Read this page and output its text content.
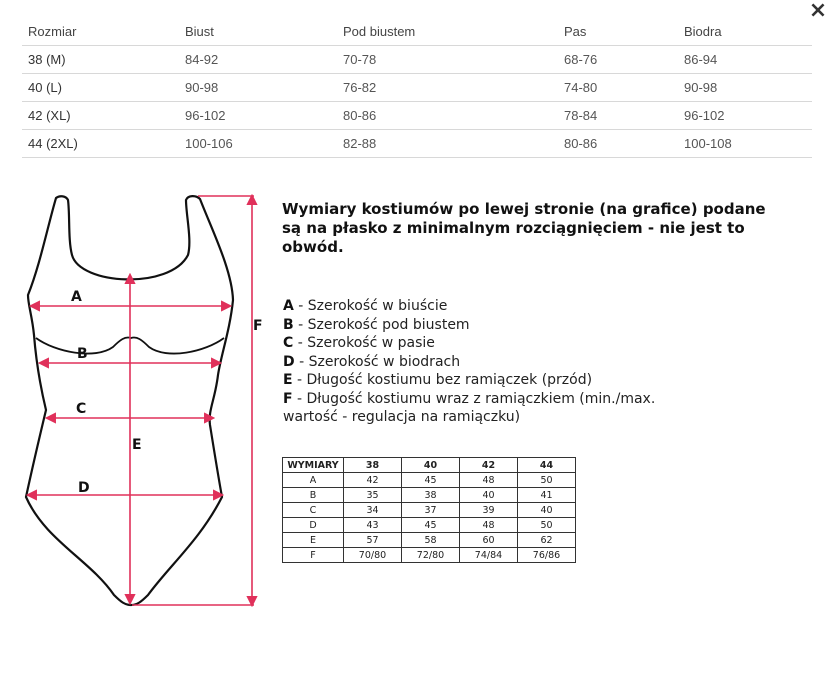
×
Rozmiar	Biust	Pod biustem	Pas	Biodra
38 (M)	84-92	70-78	68-76	86-94
40 (L)	90-98	76-82	74-80	90-98
42 (XL)	96-102	80-86	78-84	96-102
44 (2XL)	100-106	82-88	80-86	100-108
A
B
C
D
E
F

Wymiary kostiumów po lewej stronie (na grafice) podane są na płasko z minimalnym rozciągnięciem - nie jest to obwód.

A - Szerokość w biuście
B - Szerokość pod biustem
C - Szerokość w pasie
D - Szerokość w biodrach
E - Długość kostiumu bez ramiączek (przód)
F - Długość kostiumu wraz z ramiączkiem (min./max. wartość - regulacja na ramiączku)
WYMIARY	38	40	42	44
A	42	45	48	50
B	35	38	40	41
C	34	37	39	40
D	43	45	48	50
E	57	58	60	62
F	70/80	72/80	74/84	76/86
